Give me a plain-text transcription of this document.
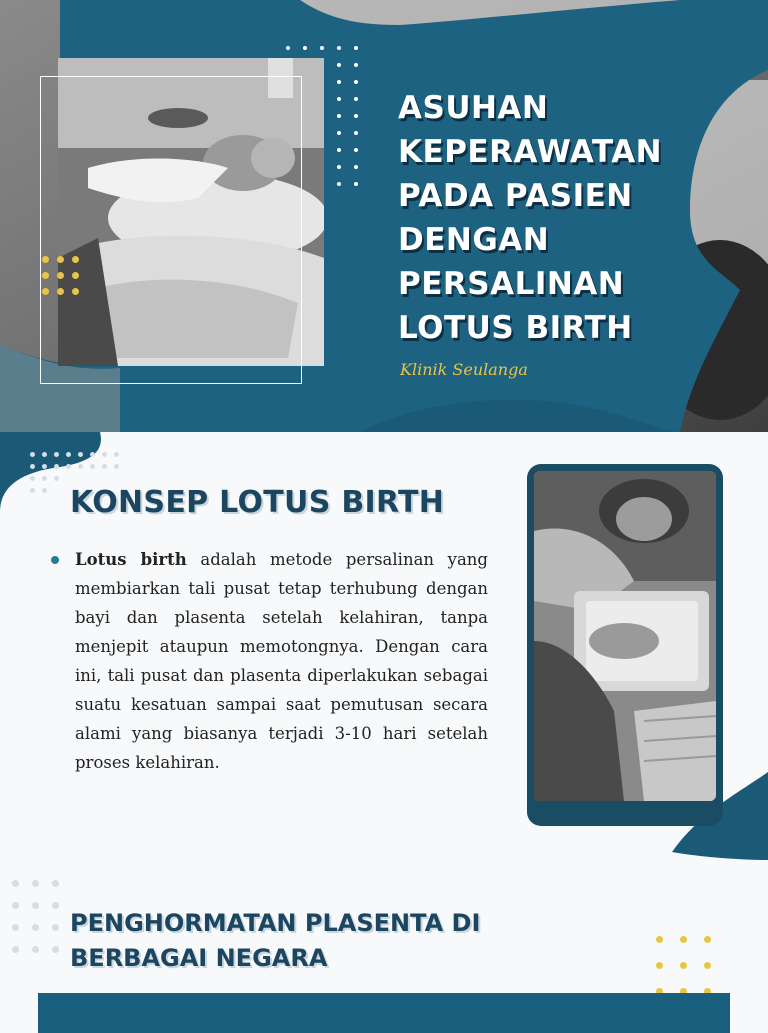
ASUHAN
KEPERAWATAN
PADA PASIEN
DENGAN
PERSALINAN
LOTUS BIRTH

Klinik Seulanga

KONSEP LOTUS BIRTH

Lotus birth adalah metode persalinan yang membiarkan tali pusat tetap terhubung dengan bayi dan plasenta setelah kelahiran, tanpa menjepit ataupun memotongnya. Dengan cara ini, tali pusat dan plasenta diperlakukan sebagai suatu kesatuan sampai saat pemutusan secara alami yang biasanya terjadi 3-10 hari setelah proses kelahiran.

PENGHORMATAN PLASENTA DI
BERBAGAI NEGARA
